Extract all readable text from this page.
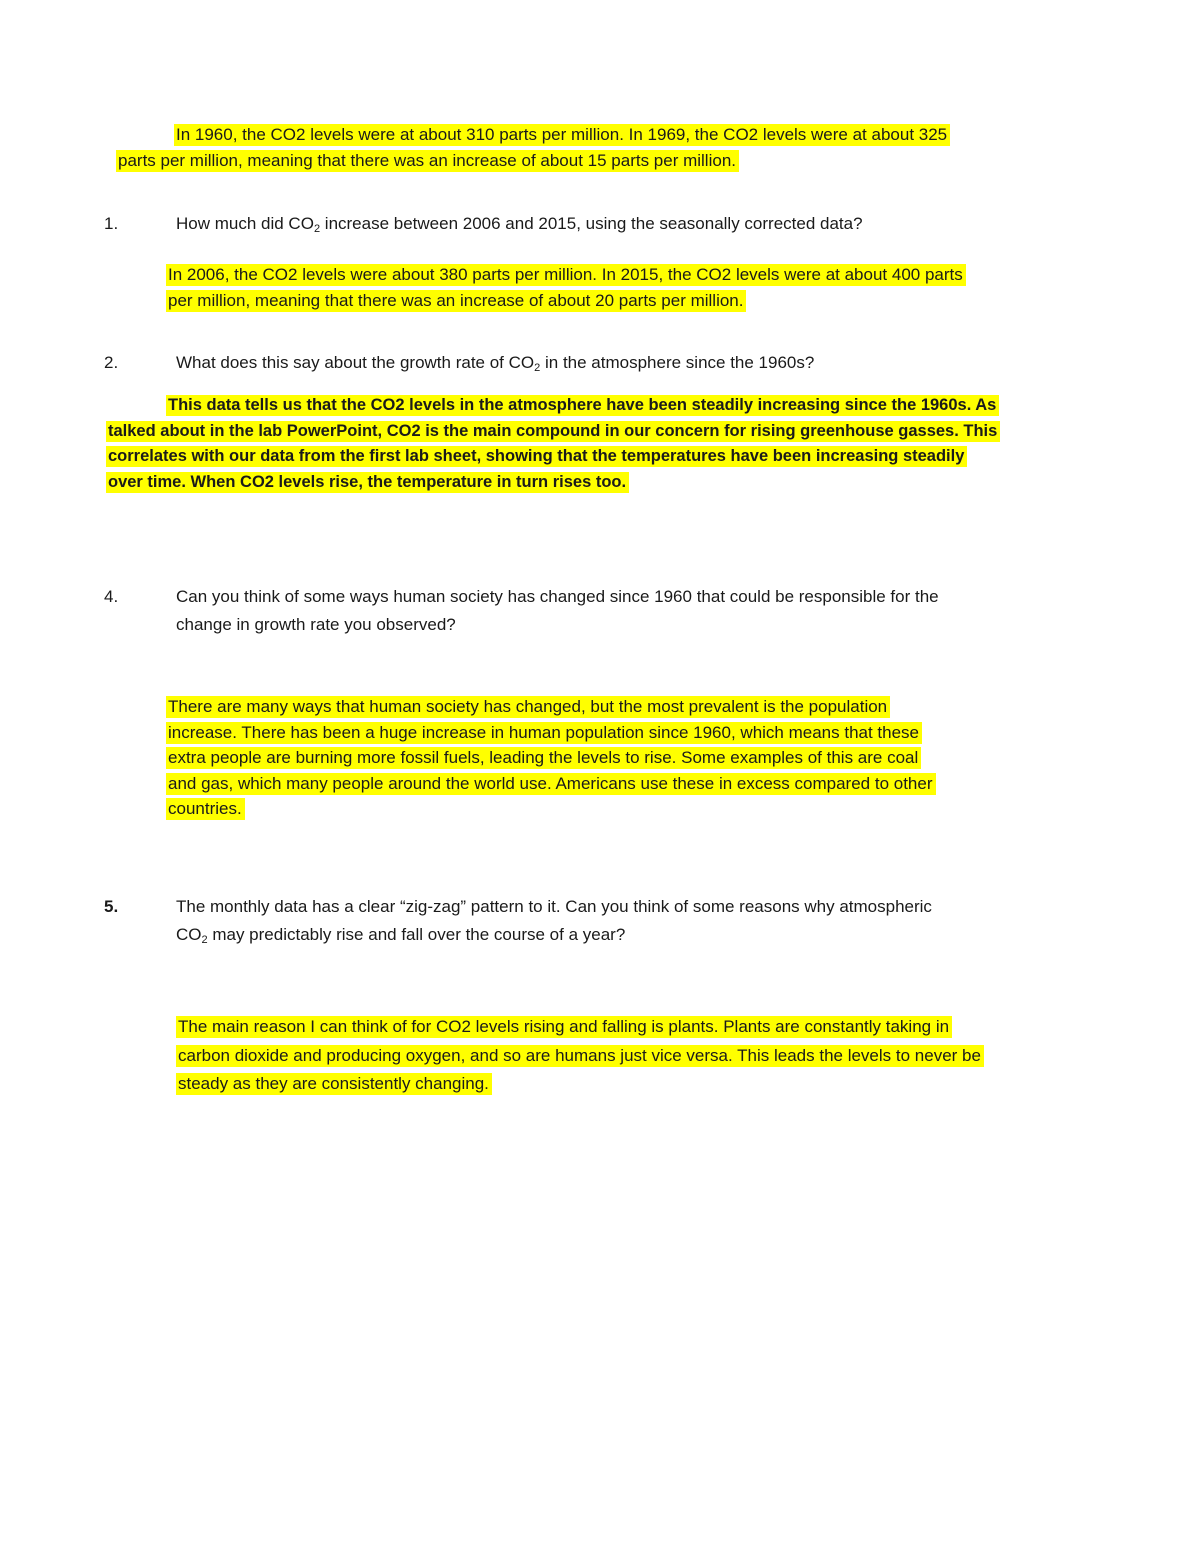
In 1960, the CO2 levels were at about 310 parts per million. In 1969, the CO2 levels were at about 325
parts per million, meaning that there was an increase of about 15 parts per million.
1.	How much did CO2 increase between 2006 and 2015, using the seasonally corrected data?
In 2006, the CO2 levels were about 380 parts per million. In 2015, the CO2 levels were at about 400 parts
per million, meaning that there was an increase of about 20 parts per million.
2.	What does this say about the growth rate of CO2 in the atmosphere since the 1960s?
This data tells us that the CO2 levels in the atmosphere have been steadily increasing since the 1960s. As
talked about in the lab PowerPoint, CO2 is the main compound in our concern for rising greenhouse gasses. This
correlates with our data from the first lab sheet, showing that the temperatures have been increasing steadily
over time. When CO2 levels rise, the temperature in turn rises too.
4.	Can you think of some ways human society has changed since 1960 that could be responsible for the
change in growth rate you observed?
There are many ways that human society has changed, but the most prevalent is the population
increase. There has been a huge increase in human population since 1960, which means that these
extra people are burning more fossil fuels, leading the levels to rise. Some examples of this are coal
and gas, which many people around the world use. Americans use these in excess compared to other
countries.
5.	The monthly data has a clear “zig-zag” pattern to it. Can you think of some reasons why atmospheric
CO2 may predictably rise and fall over the course of a year?
The main reason I can think of for CO2 levels rising and falling is plants. Plants are constantly taking in
carbon dioxide and producing oxygen, and so are humans just vice versa. This leads the levels to never be
steady as they are consistently changing.
